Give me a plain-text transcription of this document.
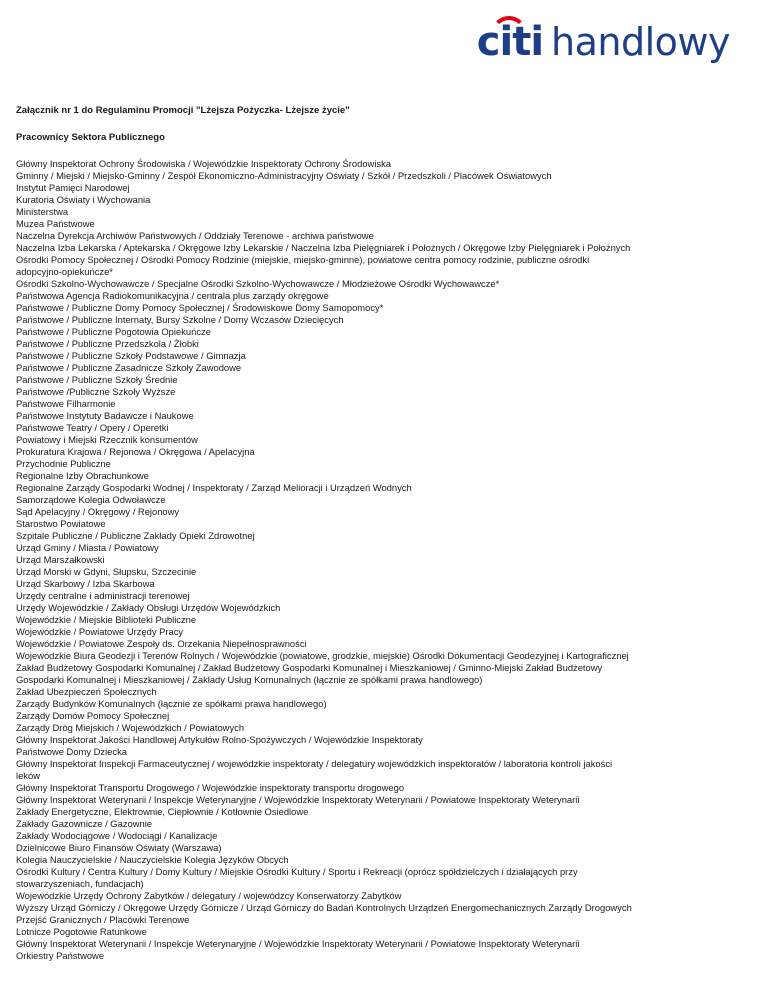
citi handlowy

Załącznik nr 1 do Regulaminu Promocji "Lżejsza Pożyczka- Lżejsze życie"

Pracownicy Sektora Publicznego

Główny Inspektorat Ochrony Środowiska / Wojewódzkie Inspektoraty Ochrony Środowiska
Gminny / Miejski / Miejsko-Gminny / Zespół Ekonomiczno-Administracyjny Oświaty / Szkół / Przedszkoli / Placówek Oświatowych
Instytut Pamięci Narodowej
Kuratoria Oświaty i Wychowania
Ministerstwa
Muzea Państwowe
Naczelna Dyrekcja Archiwów Państwowych / Oddziały Terenowe - archiwa państwowe
Naczelna Izba Lekarska / Aptekarska / Okręgowe Izby Lekarskie / Naczelna Izba Pielęgniarek i Położnych / Okręgowe Izby Pielęgniarek i Położnych
Ośrodki Pomocy Społecznej / Ośrodki Pomocy Rodzinie (miejskie, miejsko-gminne), powiatowe centra pomocy rodzinie, publiczne ośrodki
adopcyjno-opiekuńcze*
Ośrodki Szkolno-Wychowawcze / Specjalne Ośrodki Szkolno-Wychowawcze / Młodzieżowe Ośrodki Wychowawcze*
Państwowa Agencja Radiokomunikacyjna / centrala plus zarządy okręgowe
Państwowe / Publiczne Domy Pomocy Społecznej / Środowiskowe Domy Samopomocy*
Państwowe / Publiczne Internaty, Bursy Szkolne / Domy Wczasów Dziecięcych
Państwowe / Publiczne Pogotowia Opiekuńcze
Państwowe / Publiczne Przedszkola / Żłobki
Państwowe / Publiczne Szkoły Podstawowe / Gimnazja
Państwowe / Publiczne Zasadnicze Szkoły Zawodowe
Państwowe / Publiczne Szkoły Średnie
Państwowe /Publiczne Szkoły Wyższe
Państwowe Filharmonie
Państwowe Instytuty Badawcze i Naukowe
Państwowe Teatry / Opery / Operetki
Powiatowy i Miejski Rzecznik konsumentów
Prokuratura Krajowa / Rejonowa / Okręgowa / Apelacyjna
Przychodnie Publiczne
Regionalne Izby Obrachunkowe
Regionalne Zarządy Gospodarki Wodnej / Inspektoraty / Zarząd Melioracji i Urządzeń Wodnych
Samorządowe Kolegia Odwoławcze
Sąd Apelacyjny / Okręgowy / Rejonowy
Starostwo Powiatowe
Szpitale Publiczne / Publiczne Zakłady Opieki Zdrowotnej
Urząd Gminy / Miasta / Powiatowy
Urząd Marszałkowski
Urząd Morski w Gdyni, Słupsku, Szczecinie
Urząd Skarbowy / Izba Skarbowa
Urzędy centralne i administracji terenowej
Urzędy Wojewódzkie / Zakłady Obsługi Urzędów Wojewódzkich
Wojewódzkie / Miejskie Biblioteki Publiczne
Wojewódzkie / Powiatowe Urzędy Pracy
Wojewódzkie / Powiatowe Zespoły ds. Orzekania Niepełnosprawności
Wojewódzkie Biura Geodezji i Terenów Rolnych / Wojewódzkie (powiatowe, grodzkie, miejskie) Ośrodki Dokumentacji Geodezyjnej i Kartograficznej
Zakład Budżetowy Gospodarki Komunalnej / Zakład Budżetowy Gospodarki Komunalnej i Mieszkaniowej / Gminno-Miejski Zakład Budżetowy
Gospodarki Komunalnej i Mieszkaniowej / Zakłady Usług Komunalnych (łącznie ze spółkami prawa handlowego)
Zakład Ubezpieczeń Społecznych
Zarządy Budynków Komunalnych (łącznie ze spółkami prawa handlowego)
Zarządy Domów Pomocy Społecznej
Zarządy Dróg Miejskich / Wojewódzkich / Powiatowych
Główny Inspektorat Jakości Handlowej Artykułów Rolno-Spożywczych / Wojewódzkie Inspektoraty
Państwowe Domy Dziecka
Główny Inspektorat Inspekcji Farmaceutycznej / wojewódzkie inspektoraty / delegatury wojewódzkich inspektoratów / laboratoria kontroli jakości
leków
Główny Inspektorat Transportu Drogowego / Wojewódzkie inspektoraty transportu drogowego
Główny Inspektorat Weterynarii / Inspekcje Weterynaryjne / Wojewódzkie Inspektoraty Weterynarii / Powiatowe Inspektoraty Weterynarii
Zakłady Energetyczne, Elektrownie, Ciepłownie / Kotłownie Osiedlowe
Zakłady Gazownicze / Gazownie
Zakłady Wodociągowe / Wodociągi / Kanalizacje
Dzielnicowe Biuro Finansów Oświaty (Warszawa)
Kolegia Nauczycielskie / Nauczycielskie Kolegia Języków Obcych
Ośrodki Kultury / Centra Kultury / Domy Kultury / Miejskie Ośrodki Kultury / Sportu i Rekreacji (oprócz spółdzielczych i działających przy
stowarzyszeniach, fundacjach)
Wojewódzkie Urzędy Ochrony Zabytków / delegatury / wojewódzcy Konserwatorzy Zabytków
Wyższy Urząd Górniczy / Okręgowe Urzędy Górnicze / Urząd Górniczy do Badań Kontrolnych Urządzeń Energomechanicznych Zarządy Drogowych
Przejść Granicznych / Placówki Terenowe
Lotnicze Pogotowie Ratunkowe
Główny Inspektorat Weterynarii / Inspekcje Weterynaryjne / Wojewódzkie Inspektoraty Weterynarii / Powiatowe Inspektoraty Weterynarii
Orkiestry Państwowe
